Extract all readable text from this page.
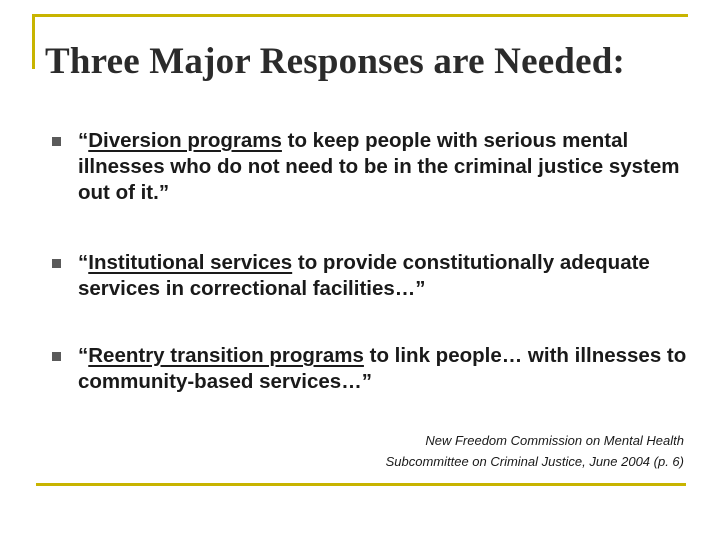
Three Major Responses are Needed:
“Diversion programs to keep people with serious mental illnesses who do not need to be in the criminal justice system out of it.”
“Institutional services to provide constitutionally adequate services in correctional facilities…”
“Reentry transition programs to link people… with illnesses to community-based services…”
New Freedom Commission on Mental Health
Subcommittee on Criminal Justice, June 2004 (p. 6)
